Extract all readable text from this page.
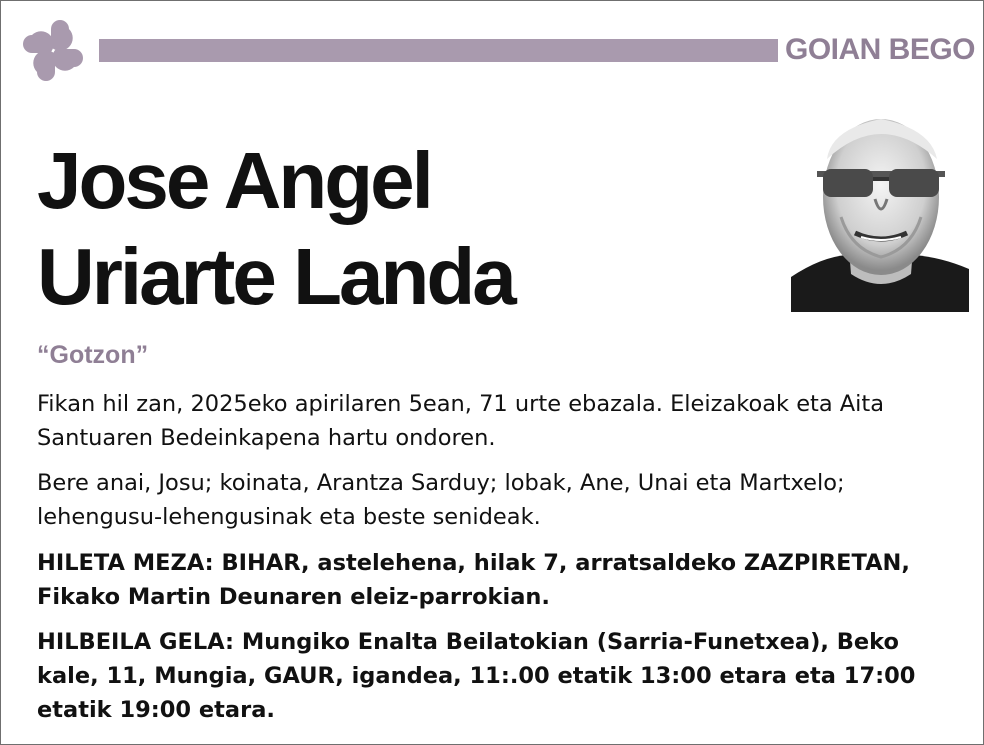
GOIAN BEGO
Jose Angel
Uriarte Landa
“Gotzon”

Fikan hil zan, 2025eko apirilaren 5ean, 71 urte ebazala. Eleizakoak eta Aita Santuaren Bedeinkapena hartu ondoren.

Bere anai, Josu; koinata, Arantza Sarduy; lobak, Ane, Unai eta Martxelo; lehengusu-lehengusinak eta beste senideak.

HILETA MEZA: BIHAR, astelehena, hilak 7, arratsaldeko ZAZPIRETAN, Fikako Martin Deunaren eleiz-parrokian.

HILBEILA GELA: Mungiko Enalta Beilatokian (Sarria-Funetxea), Beko kale, 11, Mungia, GAUR, igandea, 11:.00 etatik 13:00 etara eta 17:00 etatik 19:00 etara.
